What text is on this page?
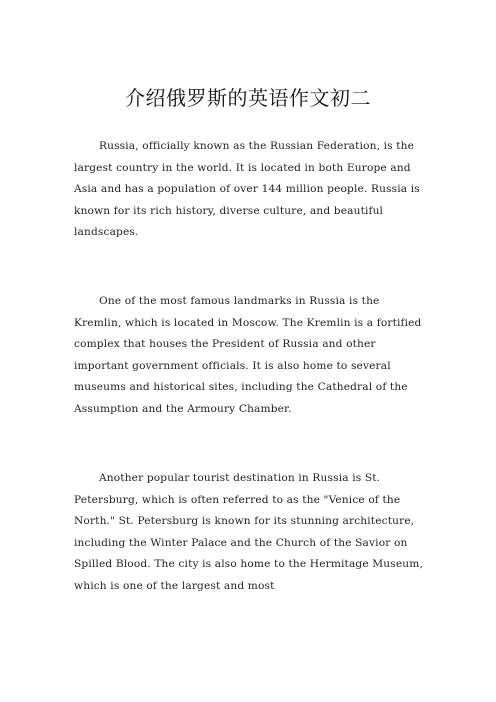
介绍俄罗斯的英语作文初二

Russia, officially known as the Russian Federation, is the largest country in the world. It is located in both Europe and Asia and has a population of over 144 million people. Russia is known for its rich history, diverse culture, and beautiful landscapes.

One of the most famous landmarks in Russia is the Kremlin, which is located in Moscow. The Kremlin is a fortified complex that houses the President of Russia and other important government officials. It is also home to several museums and historical sites, including the Cathedral of the Assumption and the Armoury Chamber.

Another popular tourist destination in Russia is St. Petersburg, which is often referred to as the "Venice of the North." St. Petersburg is known for its stunning architecture, including the Winter Palace and the Church of the Savior on Spilled Blood. The city is also home to the Hermitage Museum, which is one of the largest and most
